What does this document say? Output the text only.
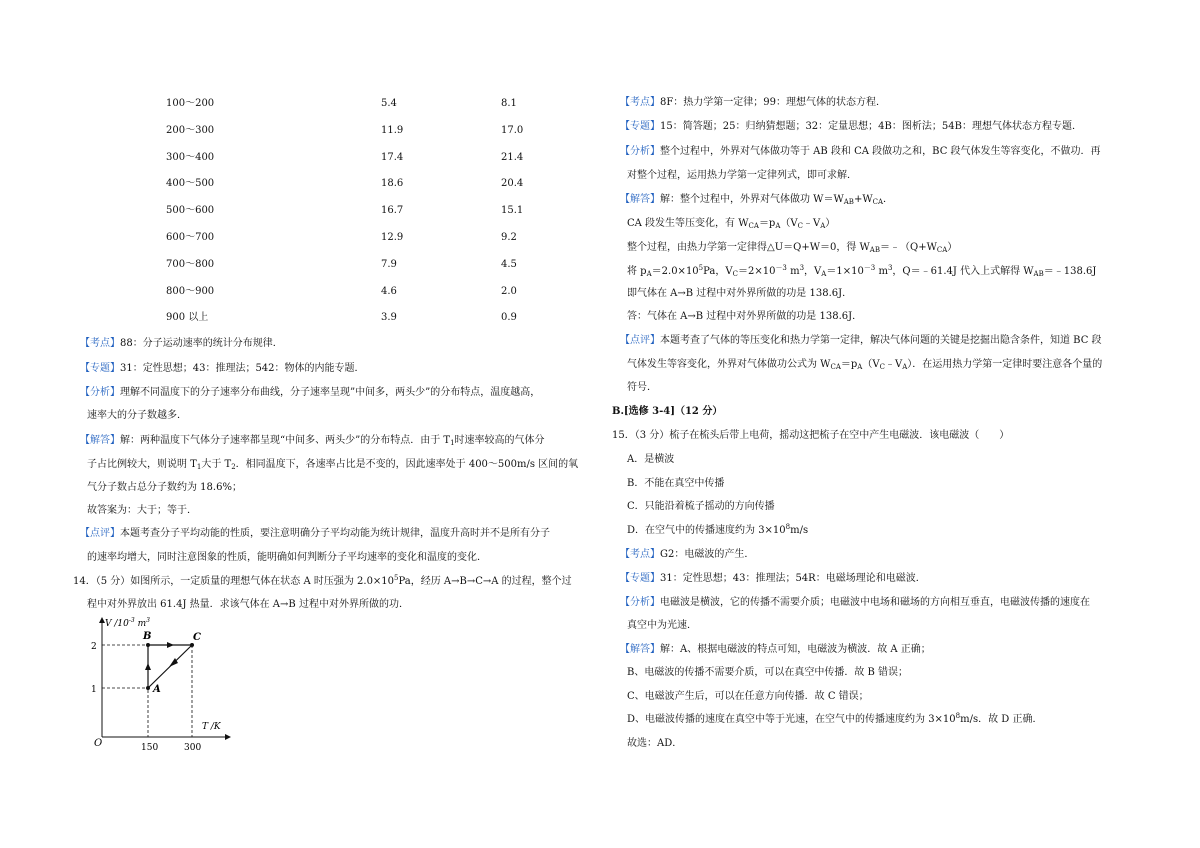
100～200	5.4	8.1
200～300	11.9	17.0
300～400	17.4	21.4
400～500	18.6	20.4
500～600	16.7	15.1
600～700	12.9	9.2
700～800	7.9	4.5
800～900	4.6	2.0
900 以上	3.9	0.9
【考点】88：分子运动速率的统计分布规律．
【专题】31：定性思想；43：推理法；542：物体的内能专题．
【分析】理解不同温度下的分子速率分布曲线，分子速率呈现”中间多，两头少”的分布特点，温度越高，
速率大的分子数越多．
【解答】解：两种温度下气体分子速率都呈现“中间多、两头少”的分布特点．由于 $T_1$时速率较高的气体分
子占比例较大，则说明 $T_1$大于 $T_2$．相同温度下，各速率占比是不变的，因此速率处于 400～500m/s 区间的氧
气分子数占总分子数约为 18.6%；
故答案为：大于；等于．
【点评】本题考查分子平均动能的性质，要注意明确分子平均动能为统计规律，温度升高时并不是所有分子
的速率均增大，同时注意图象的性质，能明确如何判断分子平均速率的变化和温度的变化．
14．（5 分）如图所示，一定质量的理想气体在状态 A 时压强为 $2.0\times 10^5Pa$，经历 A→B→C→A 的过程，整个过
程中对外界放出 61.4J 热量．求该气体在 A→B 过程中对外界所做的功．
V $/10^{-3}$ $m^3$
T /K
O
2
1
150	300
A
B	C
【考点】8F：热力学第一定律；99：理想气体的状态方程．
【专题】15：简答题；25：归纳猜想题；32：定量思想；4B：图析法；54B：理想气体状态方程专题．
【分析】整个过程中，外界对气体做功等于 AB 段和 CA 段做功之和，BC 段气体发生等容变化，不做功．再
对整个过程，运用热力学第一定律列式，即可求解．
【解答】解：整个过程中，外界对气体做功 $W=W_{AB}+W_{CA}$．
CA 段发生等压变化，有 $W_{CA}=p_A(V_C﹣V_A)$
整个过程，由热力学第一定律得△U＝Q+W＝0，得 $W_{AB}=﹣(Q+W_{CA})$
将 $p_A=2.0\times 10^5Pa$，$V_C=2\times 10^{-3}$ $m^3$，$V_A=1\times 10^{-3}$ $m^3$，Q＝﹣61.4J 代入上式解得 $W_{AB}=﹣138.6J$
即气体在 A→B 过程中对外界所做的功是 138.6J．
答：气体在 A→B 过程中对外界所做的功是 138.6J．
【点评】本题考查了气体的等压变化和热力学第一定律，解决气体问题的关键是挖掘出隐含条件，知道 BC 段
气体发生等容变化，外界对气体做功公式为 $W_{CA}=p_A(V_C﹣V_A)$．在运用热力学第一定律时要注意各个量的
符号．
B.[选修 3-4]（12 分）
15．（3 分）梳子在梳头后带上电荷，摇动这把梳子在空中产生电磁波．该电磁波（　　）
A．是横波
B．不能在真空中传播
C．只能沿着梳子摇动的方向传播
D．在空气中的传播速度约为 $3\times 10^8m/s$
【考点】G2：电磁波的产生．
【专题】31：定性思想；43：推理法；54R：电磁场理论和电磁波．
【分析】电磁波是横波，它的传播不需要介质；电磁波中电场和磁场的方向相互垂直，电磁波传播的速度在
真空中为光速．
【解答】解：A、根据电磁波的特点可知，电磁波为横波．故 A 正确；
B、电磁波的传播不需要介质，可以在真空中传播．故 B 错误；
C、电磁波产生后，可以在任意方向传播．故 C 错误；
D、电磁波传播的速度在真空中等于光速，在空气中的传播速度约为 $3\times 10^8m/s$．故 D 正确．
故选：AD．
